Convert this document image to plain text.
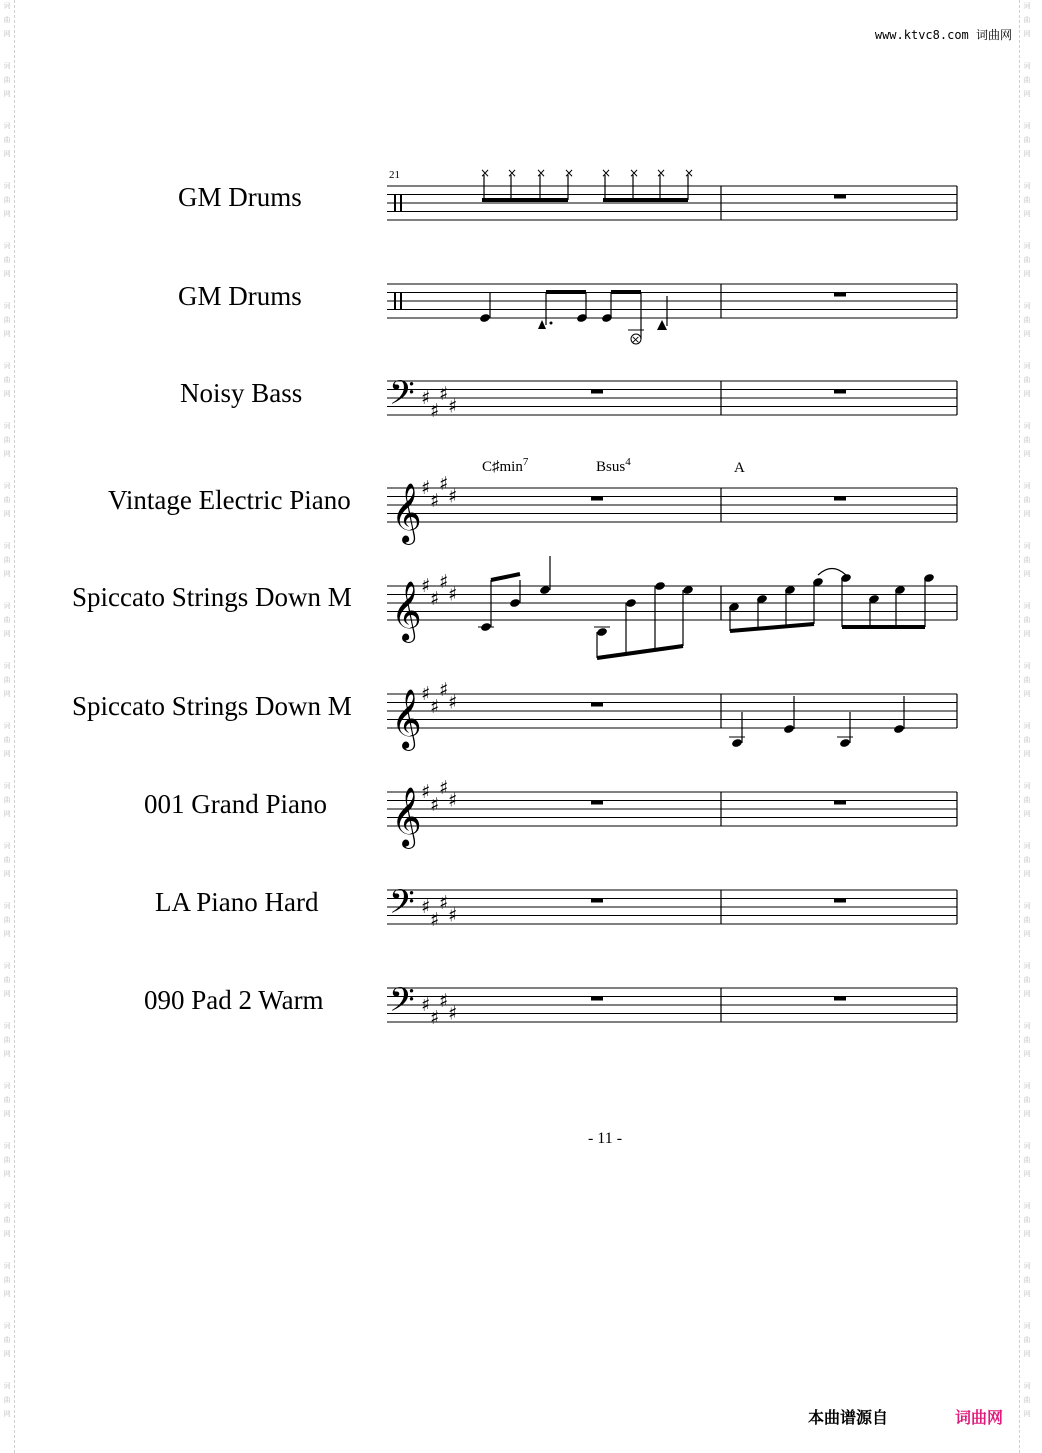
词
曲
网
词
曲
网
词
曲
网
词
曲
网
词
曲
网
词
曲
网
词
曲
网
词
曲
网
词
曲
网
词
曲
网
词
曲
网
词
曲
网
词
曲
网
词
曲
网
词
曲
网
词
曲
网
词
曲
网
词
曲
网
词
曲
网
词
曲
网
词
曲
网
词
曲
网
词
曲
网
词
曲
网
词
曲
网
词
曲
网
词
曲
网
词
曲
网
词
曲
网
词
曲
网
词
曲
网
词
曲
网
词
曲
网
词
曲
网
词
曲
网
词
曲
网
词
曲
网
词
曲
网
词
曲
网
词
曲
网
词
曲
网
词
曲
网
词
曲
网
词
曲
网
词
曲
网
词
曲
网
词
曲
网
词
曲
网
www.ktvc8.com 词曲网
GM Drums
GM Drums
Noisy Bass
Vintage Electric Piano
Spiccato Strings Down M
Spiccato Strings Down M
001 Grand Piano
LA Piano Hard
090 Pad 2 Warm
$C♯\min^7$	Bsus$^4$	A
21
𝄢 ♯
♯
♯
♯
𝄞 ♯
♯
♯
♯
𝄞 ♯
♯
♯
♯
𝄞 ♯
♯
♯
♯
𝄞 ♯
♯
♯
♯
𝄢 ♯
♯
♯
♯
𝄢 ♯
♯
♯
♯
× × × × × × × ×
×
- 11 -
本曲谱源自	词曲网
